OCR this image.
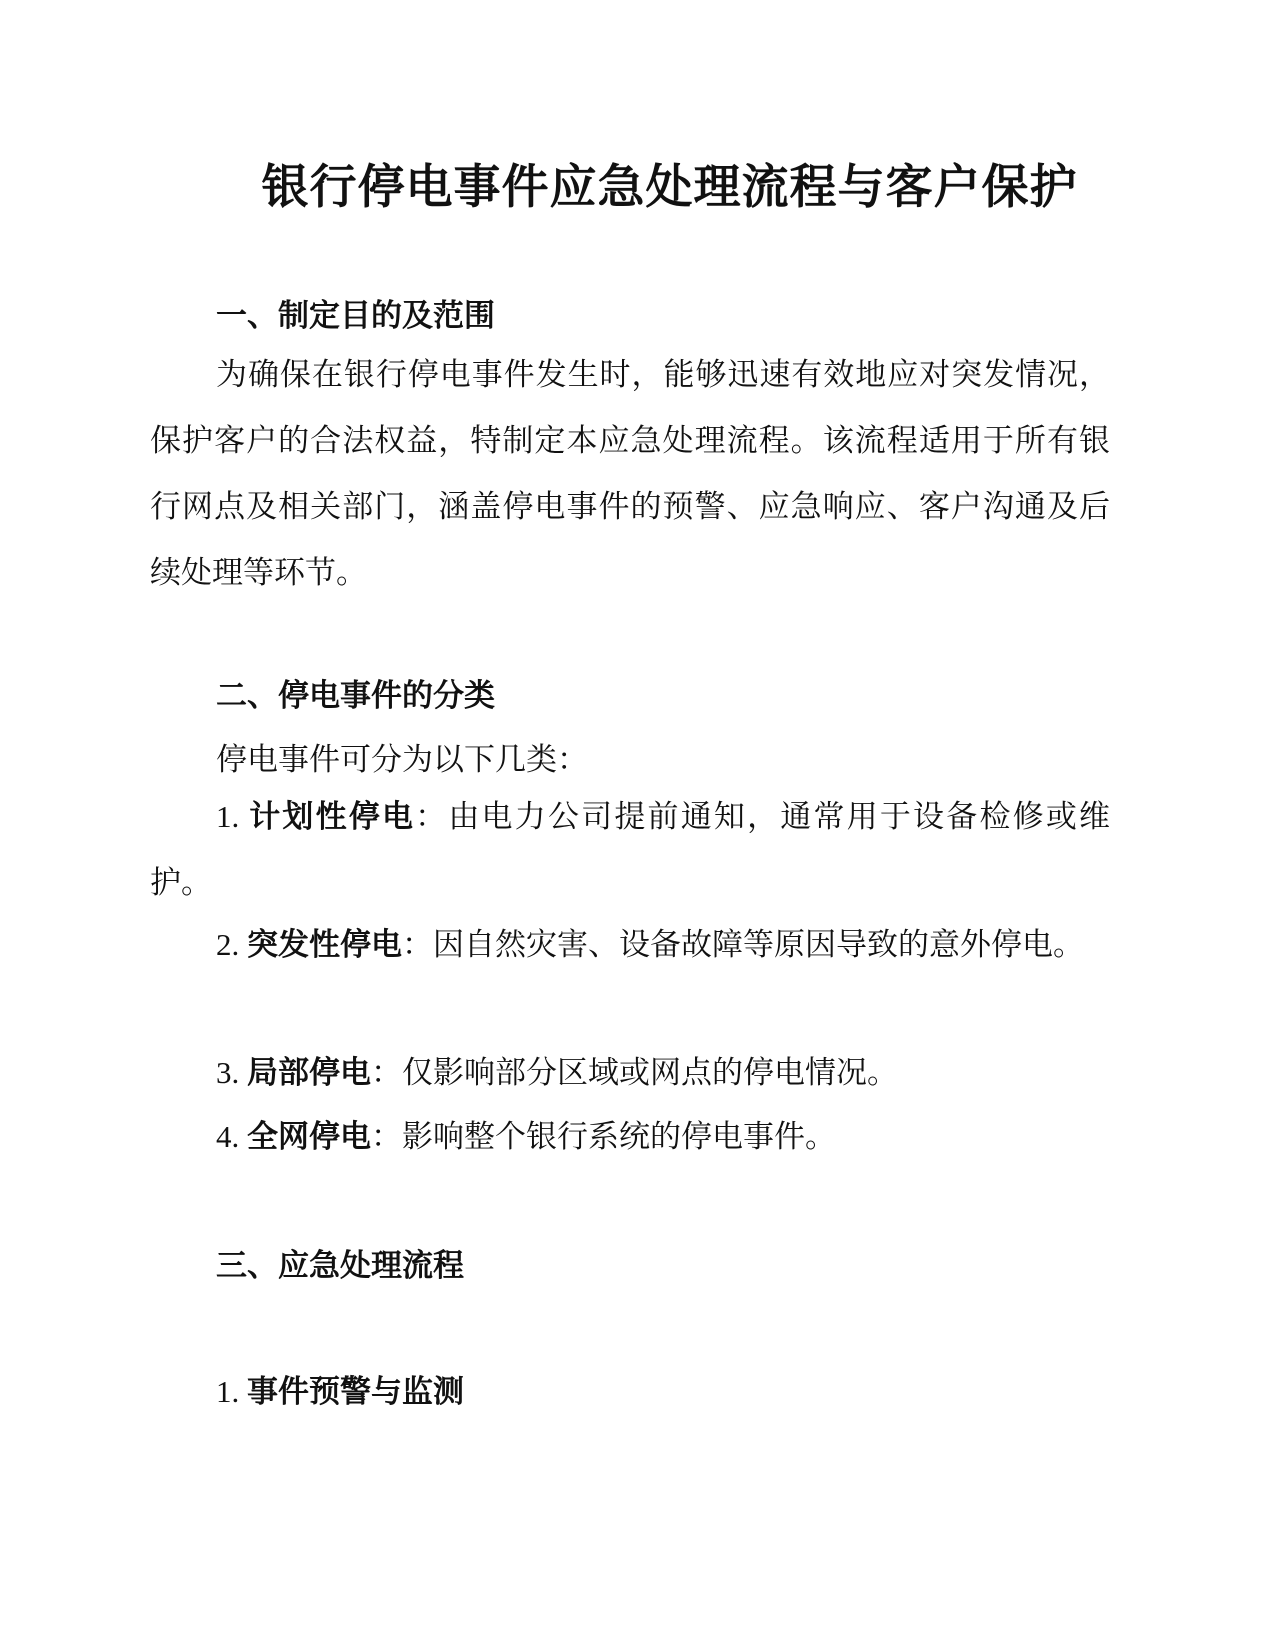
银行停电事件应急处理流程与客户保护
一、制定目的及范围

为确保在银行停电事件发生时，能够迅速有效地应对突发情况，保护客户的合法权益，特制定本应急处理流程。该流程适用于所有银行网点及相关部门，涵盖停电事件的预警、应急响应、客户沟通及后续处理等环节。

二、停电事件的分类

停电事件可分为以下几类：

1. 计划性停电：由电力公司提前通知，通常用于设备检修或维护。

2. 突发性停电：因自然灾害、设备故障等原因导致的意外停电。

3. 局部停电：仅影响部分区域或网点的停电情况。

4. 全网停电：影响整个银行系统的停电事件。

三、应急处理流程
1. 事件预警与监测
